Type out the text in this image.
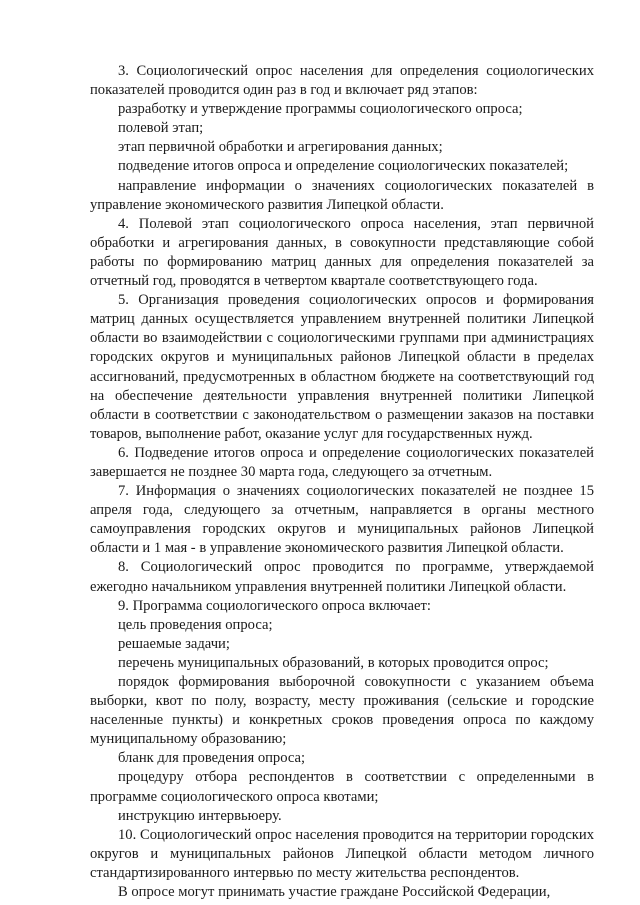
3. Социологический опрос населения для определения социологических показателей проводится один раз в год и включает ряд этапов:

разработку и утверждение программы социологического опроса;

полевой этап;

этап первичной обработки и агрегирования данных;

подведение итогов опроса и определение социологических показателей;

направление информации о значениях социологических показателей в управление экономического развития Липецкой области.

4. Полевой этап социологического опроса населения, этап первичной обработки и агрегирования данных, в совокупности представляющие собой работы по формированию матриц данных для определения показателей за отчетный год, проводятся в четвертом квартале соответствующего года.

5. Организация проведения социологических опросов и формирования матриц данных осуществляется управлением внутренней политики Липецкой области во взаимодействии с социологическими группами при администрациях городских округов и муниципальных районов Липецкой области в пределах ассигнований, предусмотренных в областном бюджете на соответствующий год на обеспечение деятельности управления внутренней политики Липецкой области в соответствии с законодательством о размещении заказов на поставки товаров, выполнение работ, оказание услуг для государственных нужд.

6. Подведение итогов опроса и определение социологических показателей завершается не позднее 30 марта года, следующего за отчетным.

7. Информация о значениях социологических показателей не позднее 15 апреля года, следующего за отчетным, направляется в органы местного самоуправления городских округов и муниципальных районов Липецкой области и 1 мая - в управление экономического развития Липецкой области.

8. Социологический опрос проводится по программе, утверждаемой ежегодно начальником управления внутренней политики Липецкой области.

9. Программа социологического опроса включает:

цель проведения опроса;

решаемые задачи;

перечень муниципальных образований, в которых проводится опрос;

порядок формирования выборочной совокупности с указанием объема выборки, квот по полу, возрасту, месту проживания (сельские и городские населенные пункты) и конкретных сроков проведения опроса по каждому муниципальному образованию;

бланк для проведения опроса;

процедуру отбора респондентов в соответствии с определенными в программе социологического опроса квотами;

инструкцию интервьюеру.

10. Социологический опрос населения проводится на территории городских округов и муниципальных районов Липецкой области методом личного стандартизированного интервью по месту жительства респондентов.

В опросе могут принимать участие граждане Российской Федерации,
